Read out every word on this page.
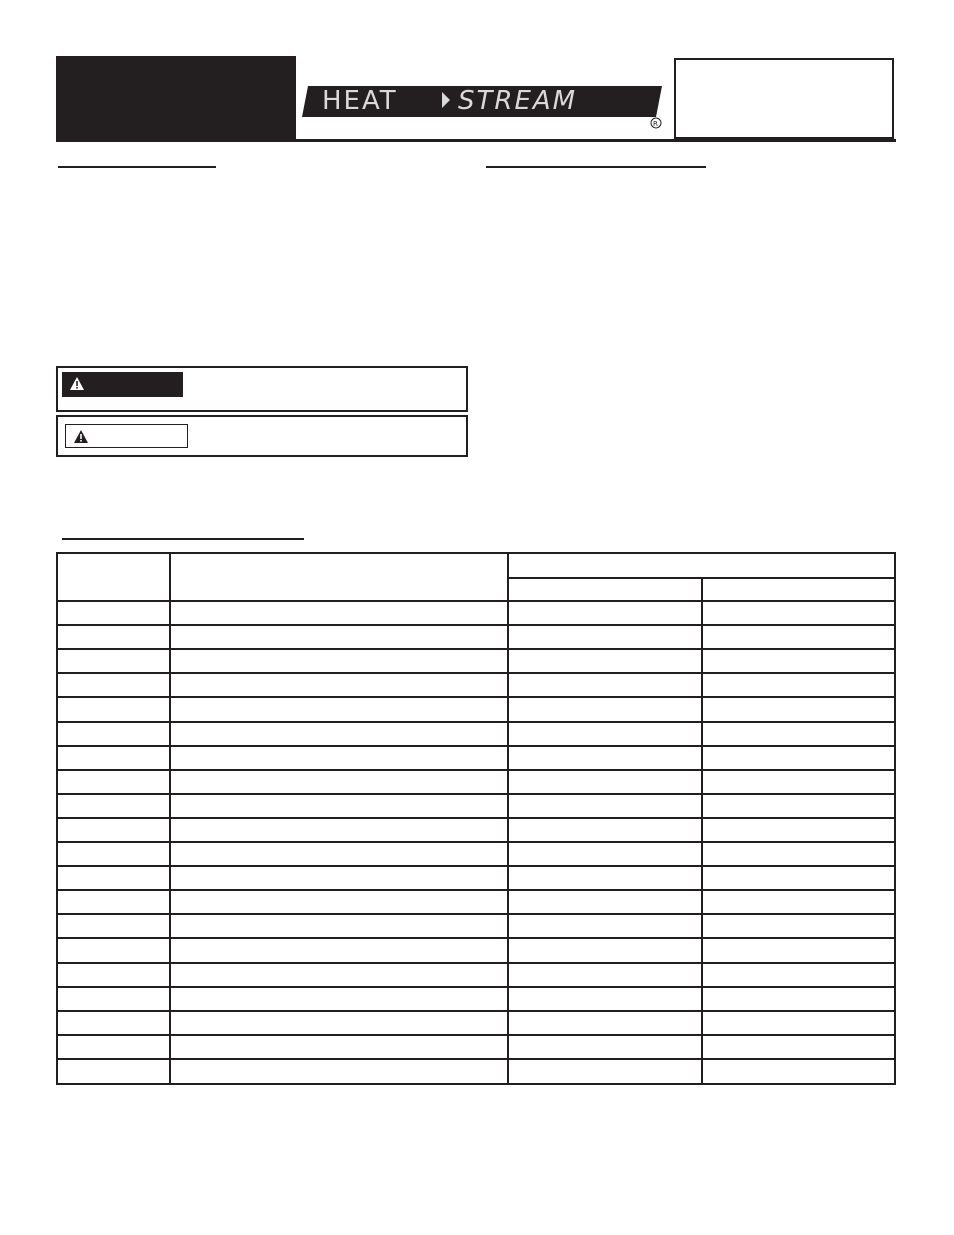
HEAT STREAM
R
